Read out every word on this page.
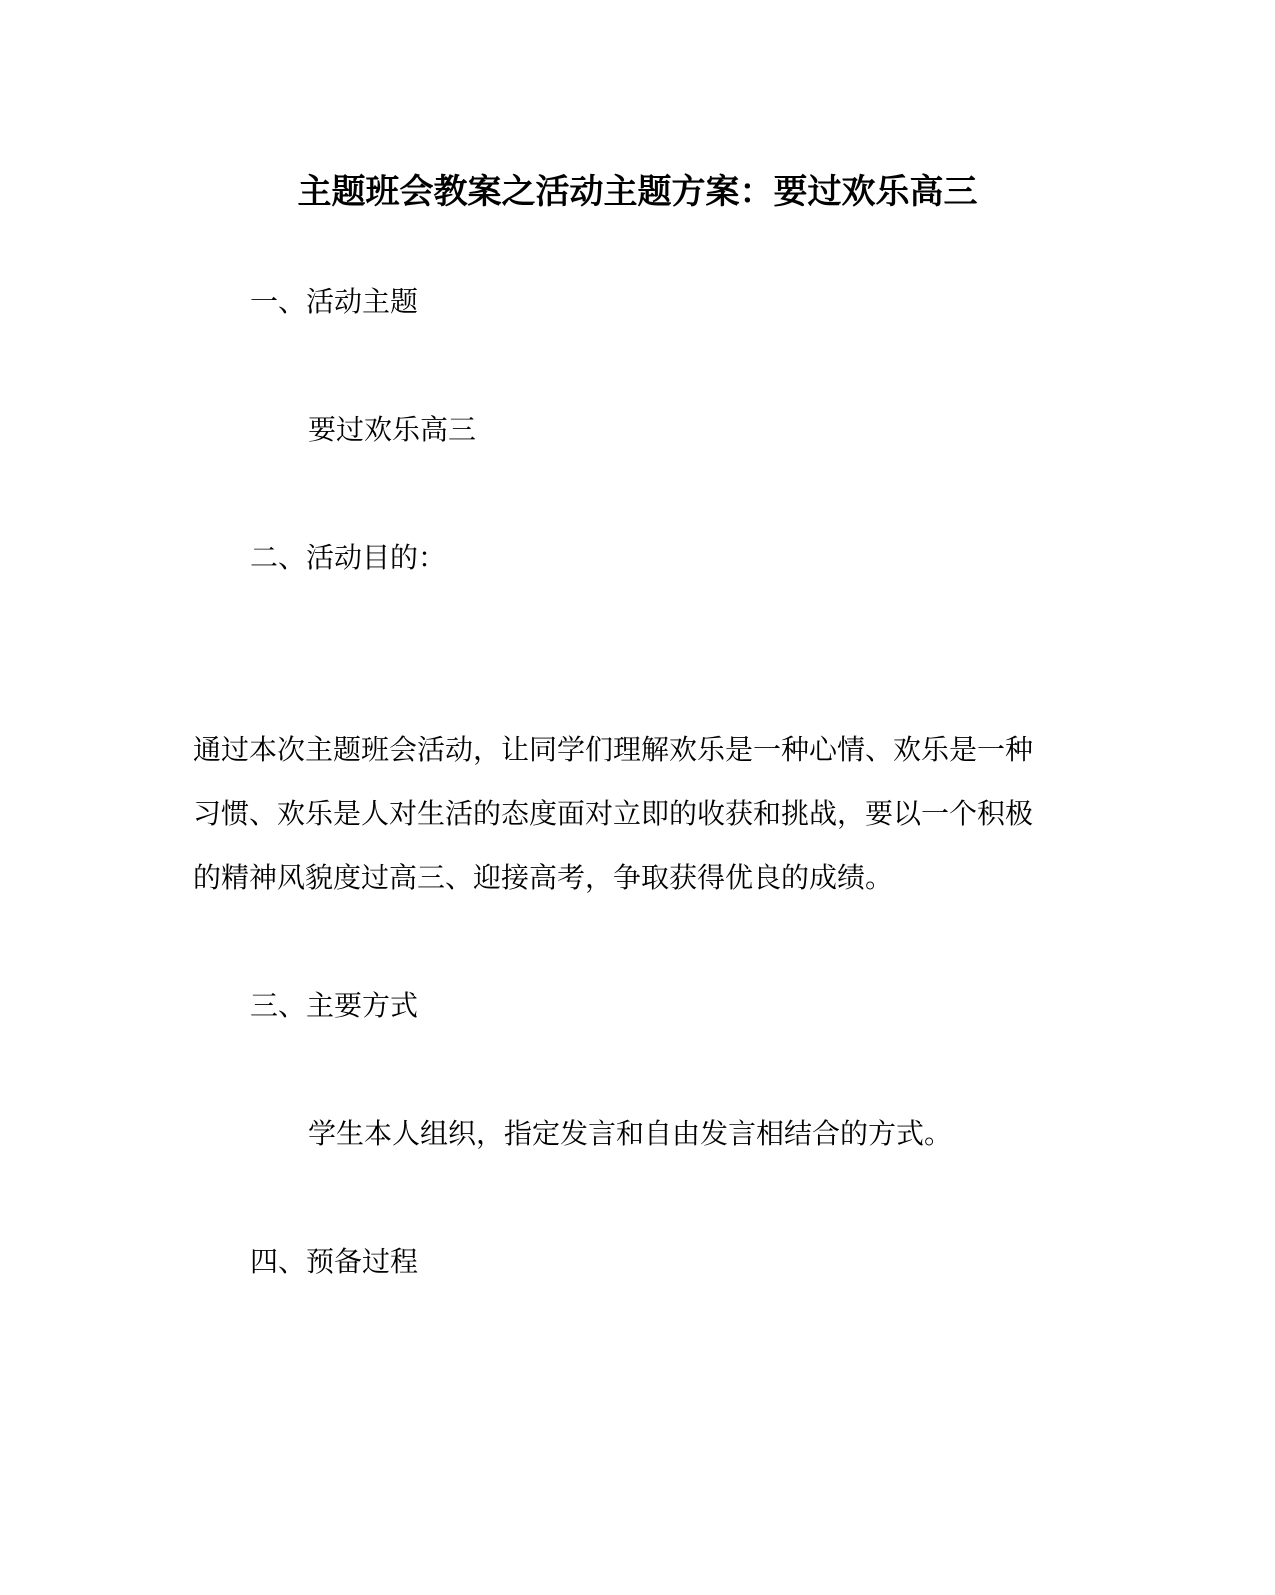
主题班会教案之活动主题方案：要过欢乐高三

一、活动主题

要过欢乐高三

二、活动目的：

通过本次主题班会活动，让同学们理解欢乐是一种心情、欢乐是一种

习惯、欢乐是人对生活的态度面对立即的收获和挑战，要以一个积极

的精神风貌度过高三、迎接高考，争取获得优良的成绩。

三、主要方式

学生本人组织，指定发言和自由发言相结合的方式。

四、预备过程
